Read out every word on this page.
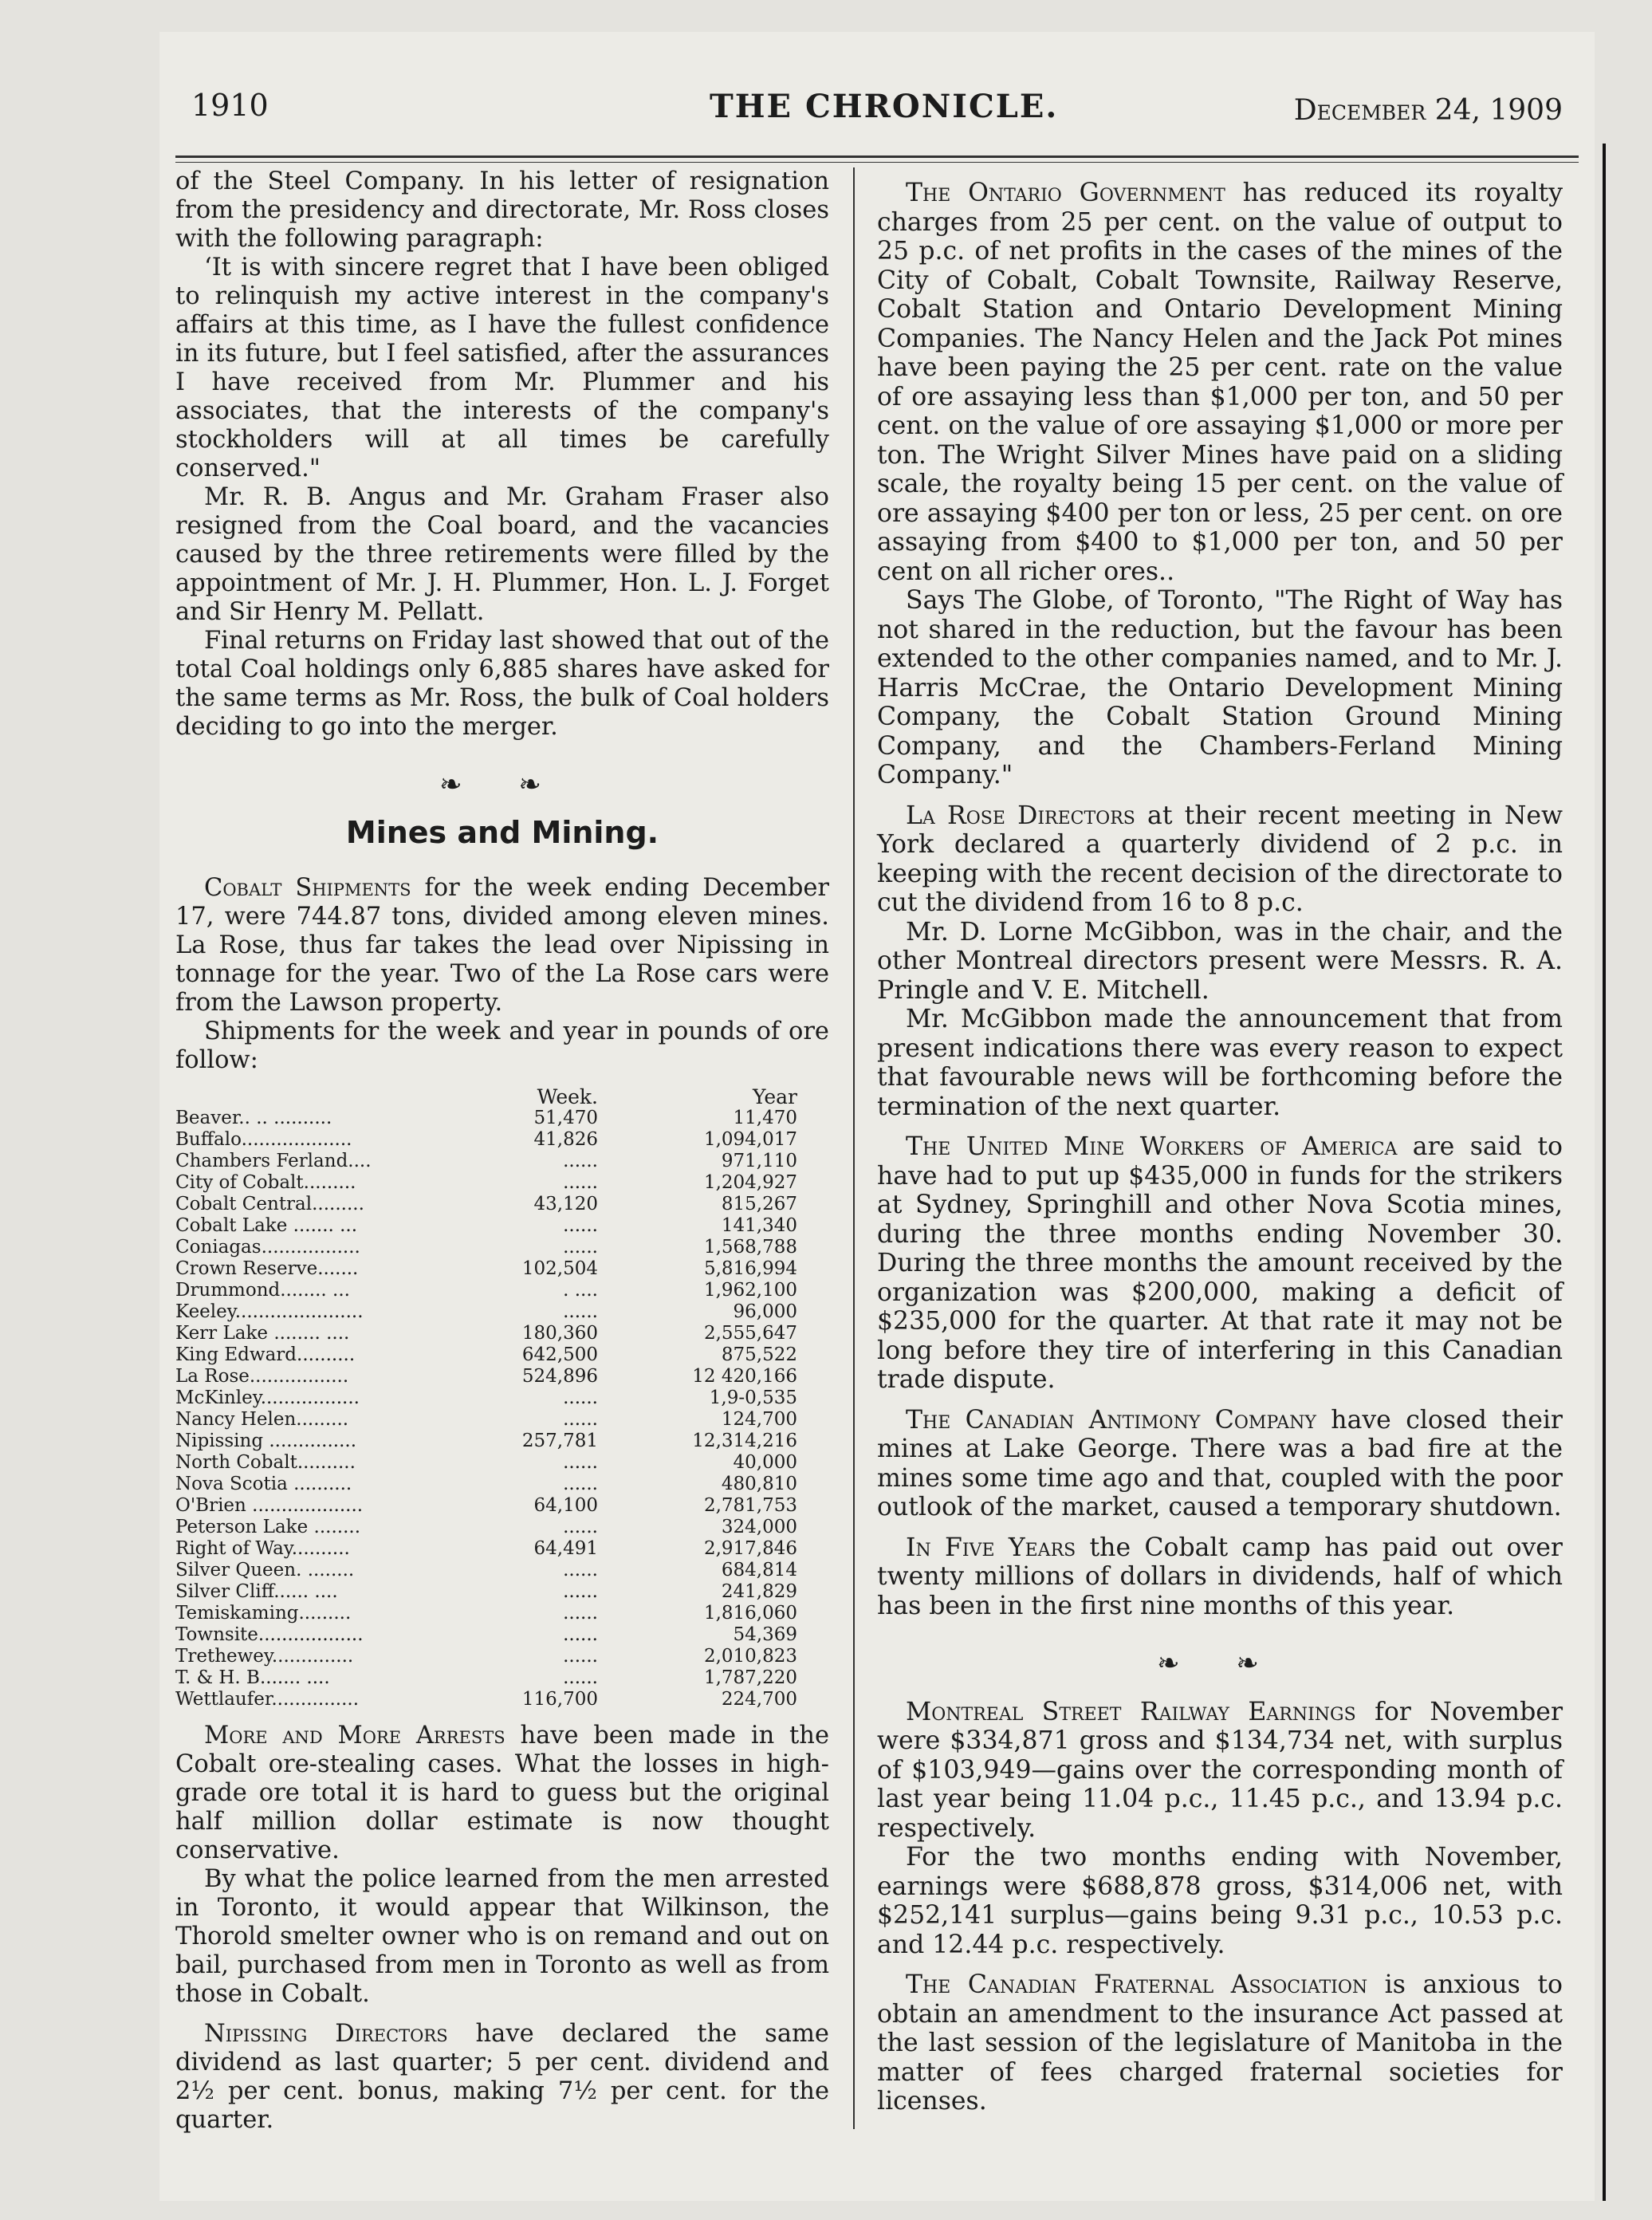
1910	THE CHRONICLE.	December 24, 1909

of the Steel Company. In his letter of resignation from the presidency and directorate, Mr. Ross closes with the following paragraph:

‘It is with sincere regret that I have been obliged to relinquish my active interest in the company's affairs at this time, as I have the fullest confidence in its future, but I feel satisfied, after the assurances I have received from Mr. Plummer and his associates, that the interests of the company's stockholders will at all times be carefully conserved."

Mr. R. B. Angus and Mr. Graham Fraser also resigned from the Coal board, and the vacancies caused by the three retirements were filled by the appointment of Mr. J. H. Plummer, Hon. L. J. Forget and Sir Henry M. Pellatt.

Final returns on Friday last showed that out of the total Coal holdings only 6,885 shares have asked for the same terms as Mr. Ross, the bulk of Coal holders deciding to go into the merger.

❧ ❧
Mines and Mining.

Cobalt Shipments for the week ending December 17, were 744.87 tons, divided among eleven mines. La Rose, thus far takes the lead over Nipissing in tonnage for the year. Two of the La Rose cars were from the Lawson property.

Shipments for the week and year in pounds of ore follow:

	Week.	Year
Beaver.. .. ..........	51,470	11,470
Buffalo...................	41,826	1,094,017
Chambers Ferland....	......	971,110
City of Cobalt.........	......	1,204,927
Cobalt Central.........	43,120	815,267
Cobalt Lake ....... ...	......	141,340
Coniagas.................	......	1,568,788
Crown Reserve.......	102,504	5,816,994
Drummond........ ...	. ....	1,962,100
Keeley......................	......	96,000
Kerr Lake ........ ....	180,360	2,555,647
King Edward..........	642,500	875,522
La Rose.................	524,896	12 420,166
McKinley.................	......	1,9-0,535
Nancy Helen.........	......	124,700
Nipissing ...............	257,781	12,314,216
North Cobalt..........	......	40,000
Nova Scotia ..........	......	480,810
O'Brien ...................	64,100	2,781,753
Peterson Lake ........	......	324,000
Right of Way..........	64,491	2,917,846
Silver Queen. ........	......	684,814
Silver Cliff...... ....	......	241,829
Temiskaming.........	......	1,816,060
Townsite..................	......	54,369
Trethewey..............	......	2,010,823
T. & H. B....... ....	......	1,787,220
Wettlaufer...............	116,700	224,700

More and More Arrests have been made in the Cobalt ore-stealing cases. What the losses in high-grade ore total it is hard to guess but the original half million dollar estimate is now thought conservative.

By what the police learned from the men arrested in Toronto, it would appear that Wilkinson, the Thorold smelter owner who is on remand and out on bail, purchased from men in Toronto as well as from those in Cobalt.

Nipissing Directors have declared the same dividend as last quarter; 5 per cent. dividend and 2½ per cent. bonus, making 7½ per cent. for the quarter.

The Ontario Government has reduced its royalty charges from 25 per cent. on the value of output to 25 p.c. of net profits in the cases of the mines of the City of Cobalt, Cobalt Townsite, Railway Reserve, Cobalt Station and Ontario Development Mining Companies. The Nancy Helen and the Jack Pot mines have been paying the 25 per cent. rate on the value of ore assaying less than $1,000 per ton, and 50 per cent. on the value of ore assaying $1,000 or more per ton. The Wright Silver Mines have paid on a sliding scale, the royalty being 15 per cent. on the value of ore assaying $400 per ton or less, 25 per cent. on ore assaying from $400 to $1,000 per ton, and 50 per cent on all richer ores..

Says The Globe, of Toronto, "The Right of Way has not shared in the reduction, but the favour has been extended to the other companies named, and to Mr. J. Harris McCrae, the Ontario Development Mining Company, the Cobalt Station Ground Mining Company, and the Chambers-Ferland Mining Company."

La Rose Directors at their recent meeting in New York declared a quarterly dividend of 2 p.c. in keeping with the recent decision of the directorate to cut the dividend from 16 to 8 p.c.

Mr. D. Lorne McGibbon, was in the chair, and the other Montreal directors present were Messrs. R. A. Pringle and V. E. Mitchell.

Mr. McGibbon made the announcement that from present indications there was every reason to expect that favourable news will be forthcoming before the termination of the next quarter.

The United Mine Workers of America are said to have had to put up $435,000 in funds for the strikers at Sydney, Springhill and other Nova Scotia mines, during the three months ending November 30. During the three months the amount received by the organization was $200,000, making a deficit of $235,000 for the quarter. At that rate it may not be long before they tire of interfering in this Canadian trade dispute.

The Canadian Antimony Company have closed their mines at Lake George. There was a bad fire at the mines some time ago and that, coupled with the poor outlook of the market, caused a temporary shutdown.

In Five Years the Cobalt camp has paid out over twenty millions of dollars in dividends, half of which has been in the first nine months of this year.

❧ ❧

Montreal Street Railway Earnings for November were $334,871 gross and $134,734 net, with surplus of $103,949—gains over the corresponding month of last year being 11.04 p.c., 11.45 p.c., and 13.94 p.c. respectively.

For the two months ending with November, earnings were $688,878 gross, $314,006 net, with $252,141 surplus—gains being 9.31 p.c., 10.53 p.c. and 12.44 p.c. respectively.

The Canadian Fraternal Association is anxious to obtain an amendment to the insurance Act passed at the last session of the legislature of Manitoba in the matter of fees charged fraternal societies for licenses.
